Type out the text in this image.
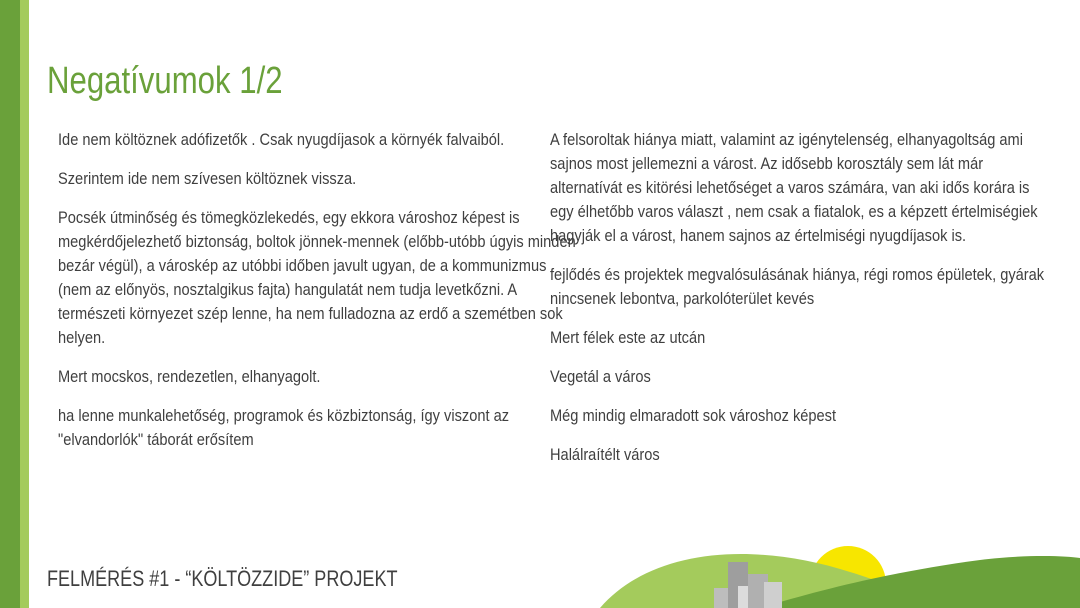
Negatívumok 1/2

Ide nem költöznek adófizetők . Csak nyugdíjasok a környék falvaiból.

Szerintem ide nem szívesen költöznek vissza.

Pocsék útminőség és tömegközlekedés, egy ekkora városhoz képest is megkérdőjelezhető biztonság, boltok jönnek-mennek (előbb-utóbb úgyis minden bezár végül), a városkép az utóbbi időben javult ugyan, de a kommunizmus (nem az előnyös, nosztalgikus fajta) hangulatát nem tudja levetkőzni. A természeti környezet szép lenne, ha nem fulladozna az erdő a szemétben sok helyen.

Mert mocskos, rendezetlen, elhanyagolt.

ha lenne munkalehetőség, programok és közbiztonság, így viszont az "elvandorlók" táborát erősítem

A felsoroltak hiánya miatt, valamint az igénytelenség, elhanyagoltság ami sajnos most jellemezni a várost. Az idősebb korosztály sem lát már alternatívát es kitörési lehetőséget a varos számára, van aki idős korára is egy élhetőbb varos választ , nem csak a fiatalok, es a képzett értelmiségiek hagyják el a várost, hanem sajnos az értelmiségi nyugdíjasok is.

fejlődés és projektek megvalósulásának hiánya, régi romos épületek, gyárak nincsenek lebontva, parkolóterület kevés

Mert félek este az utcán

Vegetál a város

Még mindig elmaradott sok városhoz képest

Halálraítélt város

FELMÉRÉS #1 - “KÖLTÖZZIDE” PROJEKT
